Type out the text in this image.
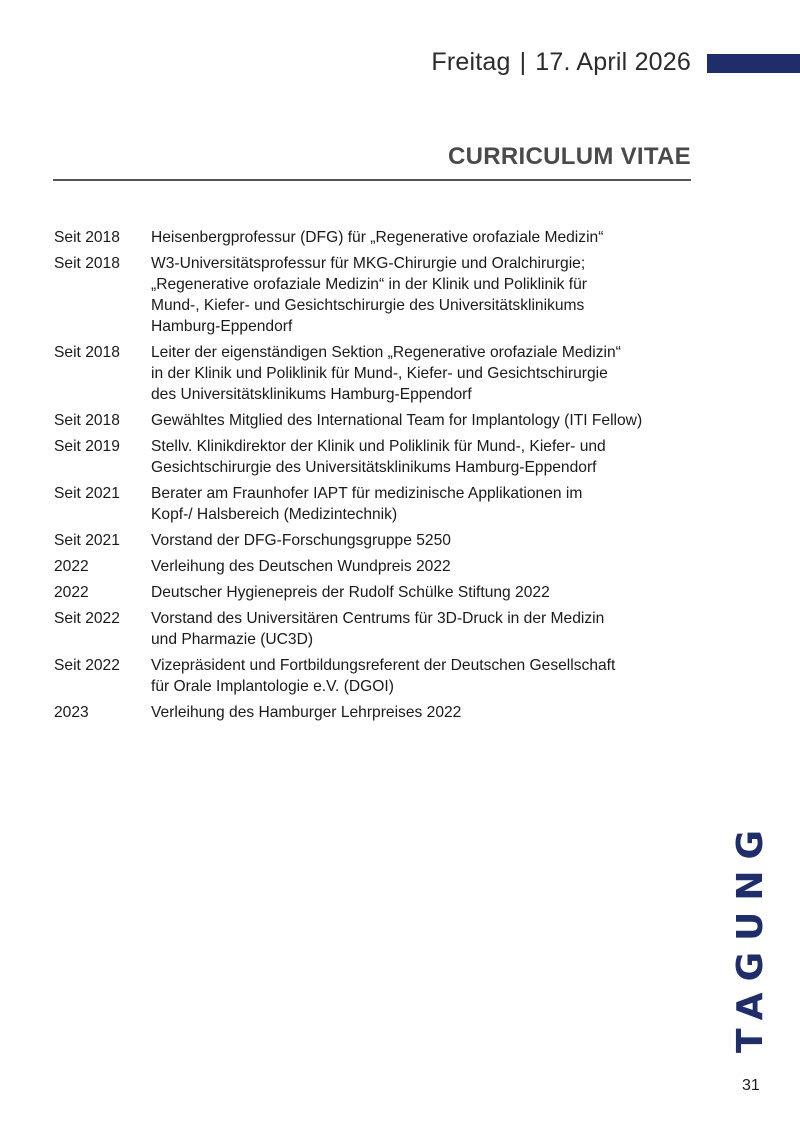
Freitag | 17. April 2026
CURRICULUM VITAE
Seit 2018	Heisenbergprofessur (DFG) für „Regenerative orofaziale Medizin“
Seit 2018	W3-Universitätsprofessur für MKG-Chirurgie und Oralchirurgie;
„Regenerative orofaziale Medizin“ in der Klinik und Poliklinik für
Mund-, Kiefer- und Gesichtschirurgie des Universitätsklinikums
Hamburg-Eppendorf
Seit 2018	Leiter der eigenständigen Sektion „Regenerative orofaziale Medizin“
in der Klinik und Poliklinik für Mund-, Kiefer- und Gesichtschirurgie
des Universitätsklinikums Hamburg-Eppendorf
Seit 2018	Gewähltes Mitglied des International Team for Implantology (ITI Fellow)
Seit 2019	Stellv. Klinikdirektor der Klinik und Poliklinik für Mund-, Kiefer- und
Gesichtschirurgie des Universitätsklinikums Hamburg-Eppendorf
Seit 2021	Berater am Fraunhofer IAPT für medizinische Applikationen im
Kopf-/ Halsbereich (Medizintechnik)
Seit 2021	Vorstand der DFG-Forschungsgruppe 5250
2022	Verleihung des Deutschen Wundpreis 2022
2022	Deutscher Hygienepreis der Rudolf Schülke Stiftung 2022
Seit 2022	Vorstand des Universitären Centrums für 3D-Druck in der Medizin
und Pharmazie (UC3D)
Seit 2022	Vizepräsident und Fortbildungsreferent der Deutschen Gesellschaft
für Orale Implantologie e.V. (DGOI)
2023	Verleihung des Hamburger Lehrpreises 2022
TAGUNG
31
